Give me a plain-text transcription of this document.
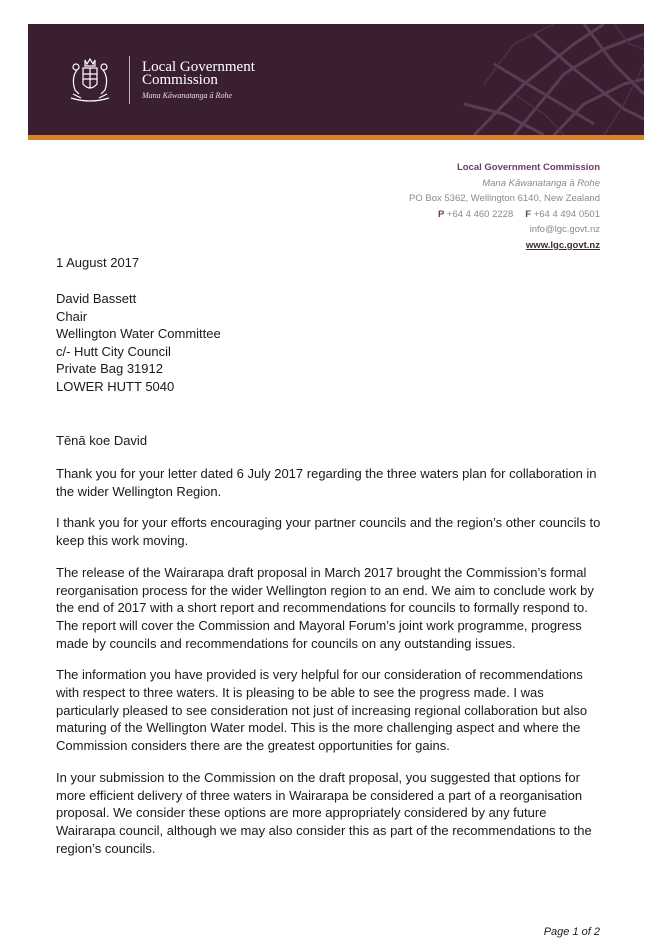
Local Government
Commission
Mana Kāwanatanga ā Rohe
Local Government Commission
Mana Kāwanatanga ā Rohe
PO Box 5362, Wellington 6140, New Zealand
P +64 4 460 2228 F +64 4 494 0501
info@lgc.govt.nz
www.lgc.govt.nz
1 August 2017
David Bassett
Chair
Wellington Water Committee
c/- Hutt City Council
Private Bag 31912
LOWER HUTT 5040
Tēnā koe David

Thank you for your letter dated 6 July 2017 regarding the three waters plan for collaboration in the wider Wellington Region.

I thank you for your efforts encouraging your partner councils and the region’s other councils to keep this work moving.

The release of the Wairarapa draft proposal in March 2017 brought the Commission’s formal reorganisation process for the wider Wellington region to an end. We aim to conclude work by the end of 2017 with a short report and recommendations for councils to formally respond to. The report will cover the Commission and Mayoral Forum’s joint work programme, progress made by councils and recommendations for councils on any outstanding issues.

The information you have provided is very helpful for our consideration of recommendations with respect to three waters. It is pleasing to be able to see the progress made. I was particularly pleased to see consideration not just of increasing regional collaboration but also maturing of the Wellington Water model. This is the more challenging aspect and where the Commission considers there are the greatest opportunities for gains.

In your submission to the Commission on the draft proposal, you suggested that options for more efficient delivery of three waters in Wairarapa be considered a part of a reorganisation proposal. We consider these options are more appropriately considered by any future Wairarapa council, although we may also consider this as part of the recommendations to the region’s councils.

Page 1 of 2
